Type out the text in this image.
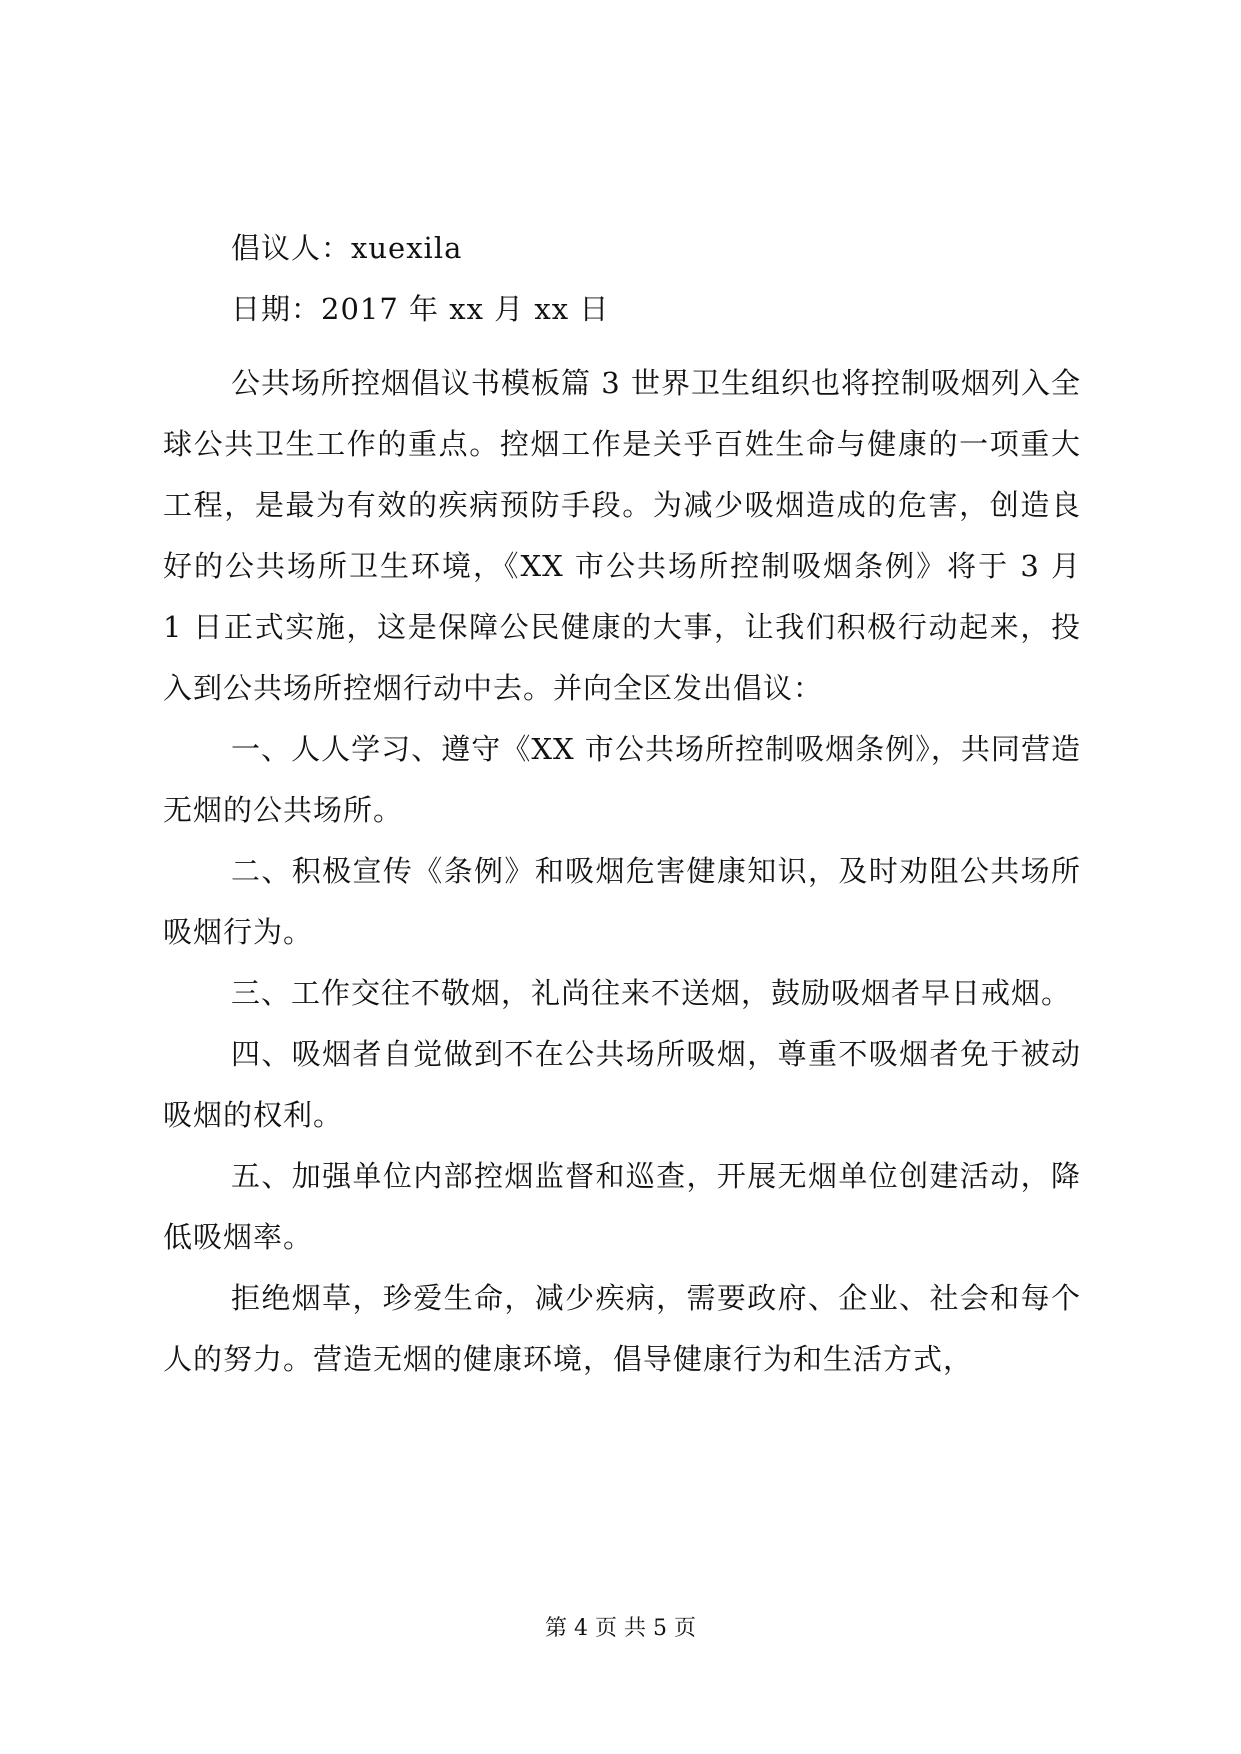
倡议人：xuexila

日期：2017 年 xx 月 xx 日

公共场所控烟倡议书模板篇 3 世界卫生组织也将控制吸烟列入全球公共卫生工作的重点。控烟工作是关乎百姓生命与健康的一项重大工程，是最为有效的疾病预防手段。为减少吸烟造成的危害，创造良好的公共场所卫生环境，《XX 市公共场所控制吸烟条例》将于 3 月 1 日正式实施，这是保障公民健康的大事，让我们积极行动起来，投入到公共场所控烟行动中去。并向全区发出倡议：

一、人人学习、遵守《XX 市公共场所控制吸烟条例》，共同营造无烟的公共场所。

二、积极宣传《条例》和吸烟危害健康知识，及时劝阻公共场所吸烟行为。

三、工作交往不敬烟，礼尚往来不送烟，鼓励吸烟者早日戒烟。

四、吸烟者自觉做到不在公共场所吸烟，尊重不吸烟者免于被动吸烟的权利。

五、加强单位内部控烟监督和巡查，开展无烟单位创建活动，降低吸烟率。

拒绝烟草，珍爱生命，减少疾病，需要政府、企业、社会和每个人的努力。营造无烟的健康环境，倡导健康行为和生活方式，

第 4 页 共 5 页
